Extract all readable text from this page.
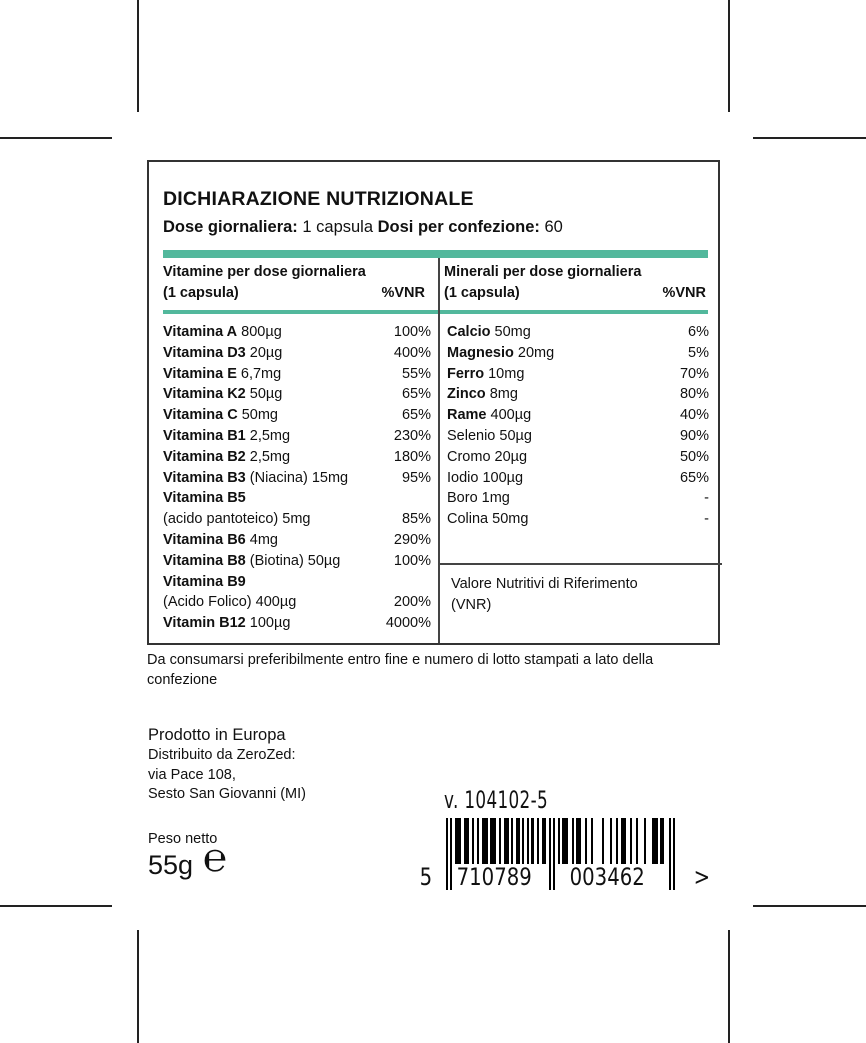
DICHIARAZIONE NUTRIZIONALE
Dose giornaliera: 1 capsula Dosi per confezione: 60
Vitamine per dose giornaliera
(1 capsula)	%VNR
Minerali per dose giornaliera
(1 capsula)	%VNR
Vitamina A 800µg	100%
Vitamina D3 20µg	400%
Vitamina E 6,7mg	55%
Vitamina K2 50µg	65%
Vitamina C 50mg	65%
Vitamina B1 2,5mg	230%
Vitamina B2 2,5mg	180%
Vitamina B3 (Niacina) 15mg	95%
Vitamina B5
(acido pantoteico) 5mg	85%
Vitamina B6 4mg	290%
Vitamina B8 (Biotina) 50µg	100%
Vitamina B9
(Acido Folico) 400µg	200%
Vitamin B12 100µg	4000%
Calcio 50mg	6%
Magnesio 20mg	5%
Ferro 10mg	70%
Zinco 8mg	80%
Rame 400µg	40%
Selenio 50µg	90%
Cromo 20µg	50%
Iodio 100µg	65%
Boro 1mg	-
Colina 50mg	-
Valore Nutritivi di Riferimento
(VNR)
Da consumarsi preferibilmente entro fine e numero di lotto stampati a lato della confezione
Prodotto in Europa
Distribuito da ZeroZed:
via Pace 108,
Sesto San Giovanni (MI)
Peso netto
55g ℮
v. 104102-5
5 710789 003462 >
